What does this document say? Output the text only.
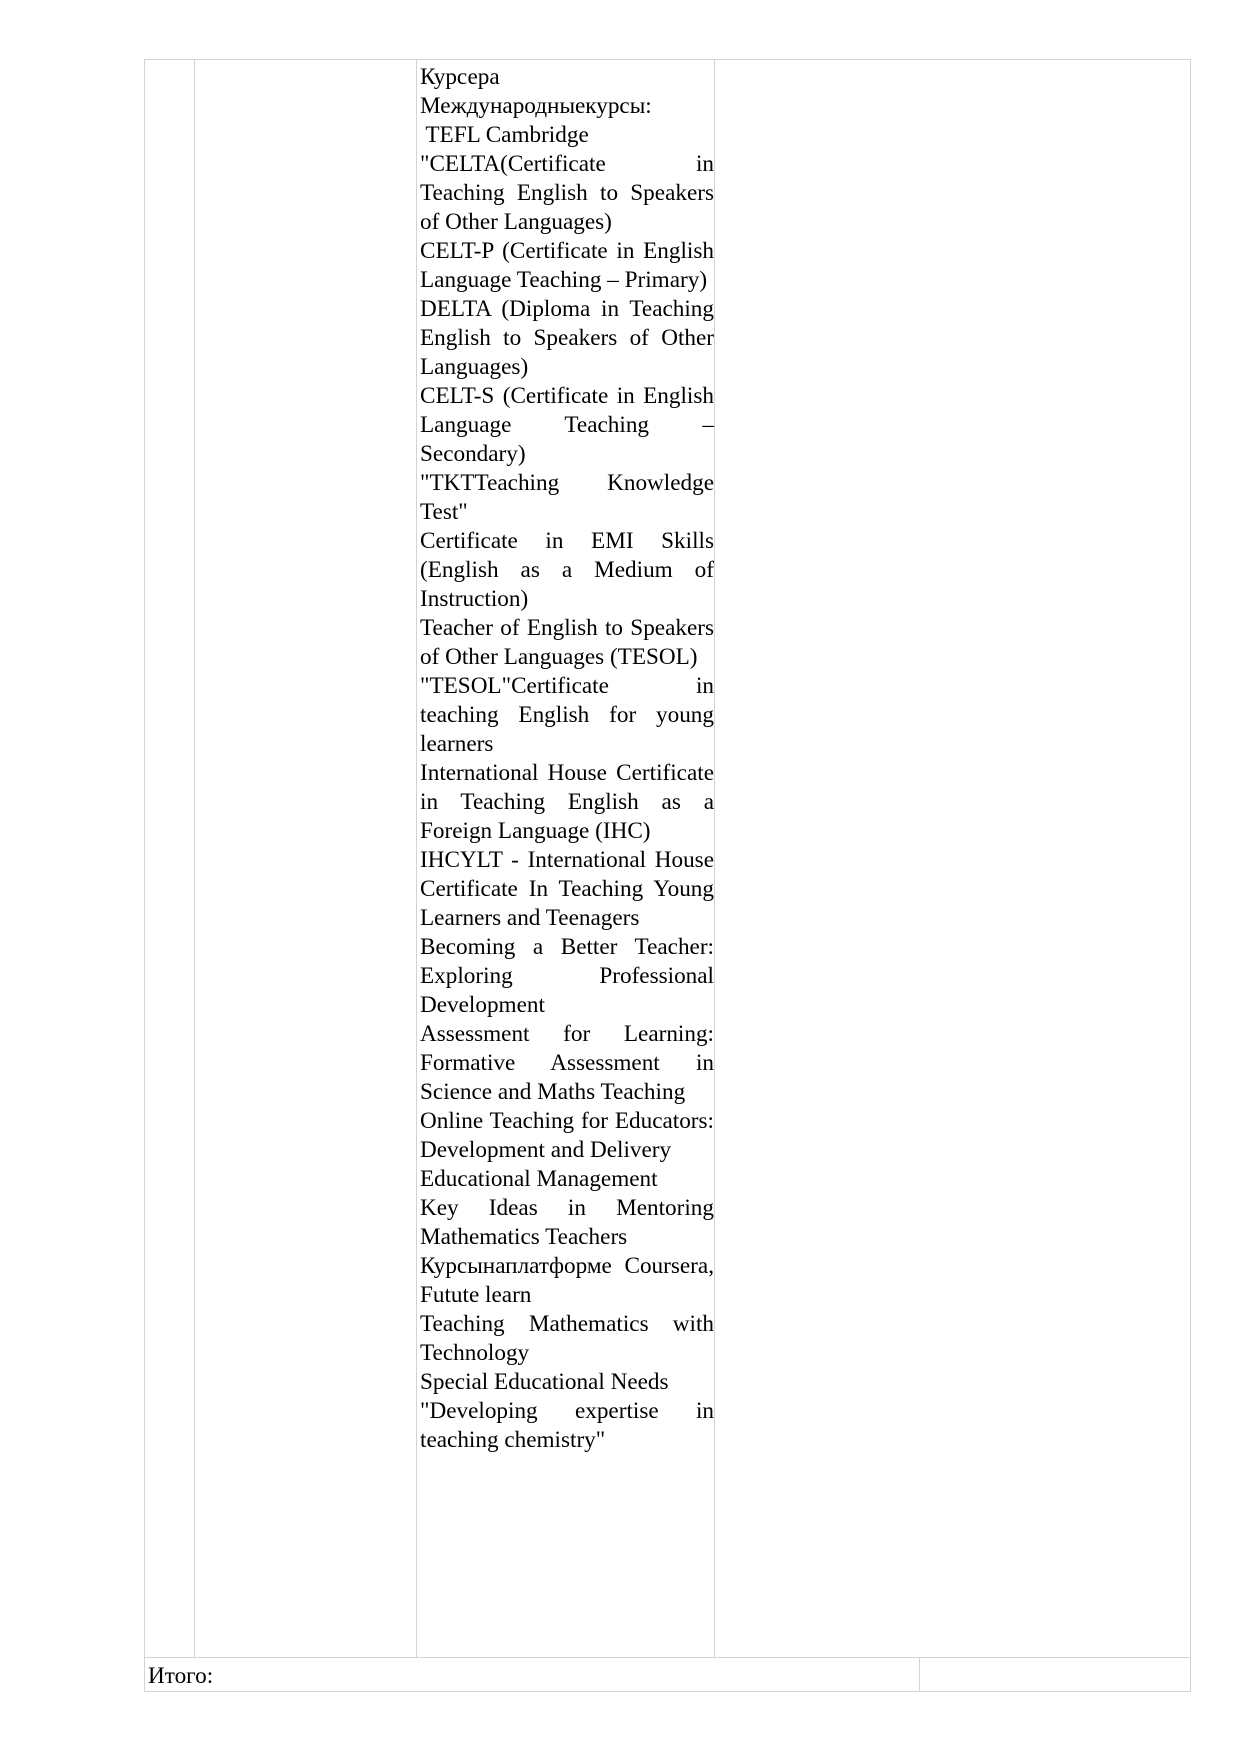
Курсера
Международныекурсы:
TEFL Cambridge
"CELTA(Certificate in Teaching English to Speakers of Other Languages)
CELT-P (Certificate in English Language Teaching – Primary)
DELTA (Diploma in Teaching English to Speakers of Other Languages)
CELT-S (Certificate in English Language Teaching – Secondary)
"TKTTeaching Knowledge Test"
Certificate in EMI Skills (English as a Medium of Instruction)
Teacher of English to Speakers of Other Languages (TESOL)
"TESOL"Certificate in teaching English for young learners
International House Certificate in Teaching English as a Foreign Language (IHC)
IHCYLT - International House Certificate In Teaching Young Learners and Teenagers
Becoming a Better Teacher: Exploring Professional Development
Assessment for Learning: Formative Assessment in Science and Maths Teaching
Online Teaching for Educators: Development and Delivery
Educational Management
Key Ideas in Mentoring Mathematics Teachers
Курсынаплатформе Coursera, Futute learn
Teaching Mathematics with Technology
Special Educational Needs
"Developing expertise in teaching chemistry"
Итого:
